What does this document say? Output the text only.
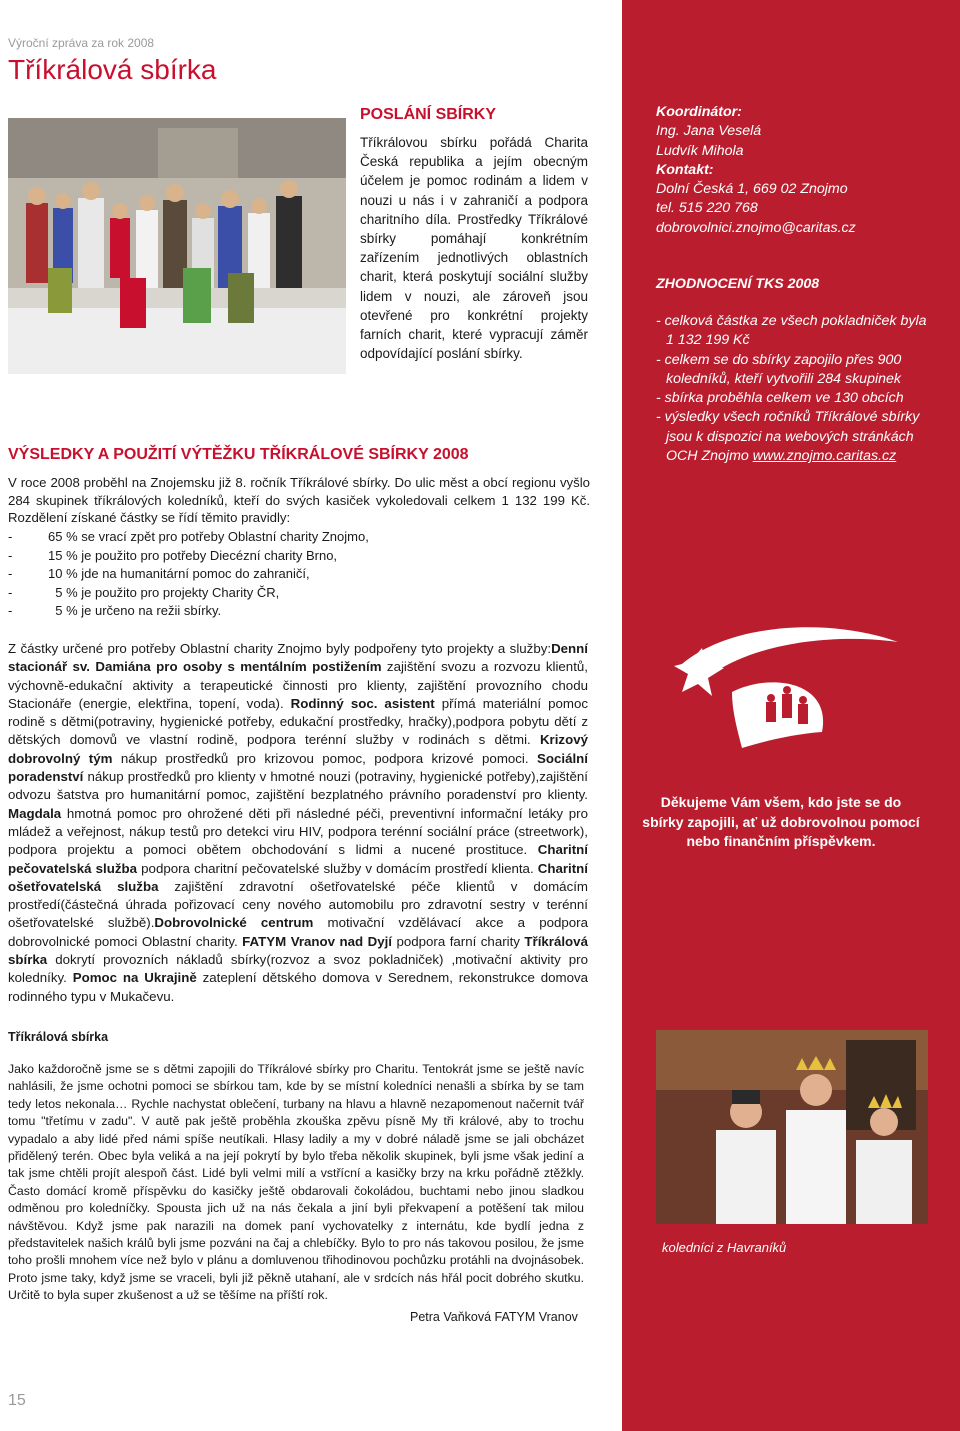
Výroční zpráva za rok 2008
Tříkrálová sbírka
POSLÁNÍ SBÍRKY
Tříkrálovou sbírku pořádá Charita Česká republika a jejím obecným účelem je pomoc rodinám a lidem v nouzi u nás i v zahraničí a podpora charitního díla. Prostředky Tříkrálové sbírky pomáhají konkrétním zařízením jednotlivých oblastních charit, která poskytují sociální služby lidem v nouzi, ale zároveň jsou otevřené pro konkrétní projekty farních charit, které vypracují záměr odpovídající poslání sbírky.
VÝSLEDKY A POUŽITÍ VÝTĚŽKU TŘÍKRÁLOVÉ SBÍRKY 2008
V roce 2008 proběhl na Znojemsku již 8. ročník Tříkrálové sbírky. Do ulic měst a obcí regionu vyšlo 284 skupinek tříkrálových koledníků, kteří do svých kasiček vykoledovali celkem 1 132 199 Kč. Rozdělení získané částky se řídí těmito pravidly:
-	65 % se vrací zpět pro potřeby Oblastní charity Znojmo,
-	15 % je použito pro potřeby Diecézní charity Brno,
-	10 % jde na humanitární pomoc do zahraničí,
-	5 % je použito pro projekty Charity ČR,
-	5 % je určeno na režii sbírky.
Z částky určené pro potřeby Oblastní charity Znojmo byly podpořeny tyto projekty a služby:Denní stacionář sv. Damiána pro osoby s mentálním postižením zajištění svozu a rozvozu klientů, výchovně-edukační aktivity a terapeutické činnosti pro klienty, zajištění provozního chodu Stacionáře (energie, elektřina, topení, voda). Rodinný soc. asistent přímá materiální pomoc rodině s dětmi(potraviny, hygienické potřeby, edukační prostředky, hračky),podpora pobytu dětí z dětských domovů ve vlastní rodině, podpora terénní služby v rodinách s dětmi. Krizový dobrovolný tým nákup prostředků pro krizovou pomoc, podpora krizové pomoci. Sociální poradenství nákup prostředků pro klienty v hmotné nouzi (potraviny, hygienické potřeby),zajištění odvozu šatstva pro humanitární pomoc, zajištění bezplatného právního poradenství pro klienty. Magdala hmotná pomoc pro ohrožené děti při následné péči, preventivní informační letáky pro mládež a veřejnost, nákup testů pro detekci viru HIV, podpora terénní sociální práce (streetwork), podpora projektu a pomoci obětem obchodování s lidmi a nucené prostituce. Charitní pečovatelská služba podpora charitní pečovatelské služby v domácím prostředí klienta. Charitní ošetřovatelská služba zajištění zdravotní ošetřovatelské péče klientů v domácím prostředí(částečná úhrada pořizovací ceny nového automobilu pro zdravotní sestry v terénní ošetřovatelské službě).Dobrovolnické centrum motivační vzdělávací akce a podpora dobrovolnické pomoci Oblastní charity. FATYM Vranov nad Dyjí podpora farní charity Tříkrálová sbírka dokrytí provozních nákladů sbírky(rozvoz a svoz pokladniček) ,motivační aktivity pro koledníky. Pomoc na Ukrajině zateplení dětského domova v Serednem, rekonstrukce domova rodinného typu v Mukačevu.
Tříkrálová sbírka
Jako každoročně jsme se s dětmi zapojili do Tříkrálové sbírky pro Charitu. Tentokrát jsme se ještě navíc nahlásili, že jsme ochotni pomoci se sbírkou tam, kde by se místní koledníci nenašli a sbírka by se tam tedy letos nekonala… Rychle nachystat oblečení, turbany na hlavu a hlavně nezapomenout načernit tvář tomu "třetímu v zadu". V autě pak ještě proběhla zkouška zpěvu písně My tři králové, aby to trochu vypadalo a aby lidé před námi spíše neutíkali. Hlasy ladily a my v dobré náladě jsme se jali obcházet přidělený terén. Obec byla veliká a na její pokrytí by bylo třeba několik skupinek, byli jsme však jediní a tak jsme chtěli projít alespoň část. Lidé byli velmi milí a vstřícní a kasičky brzy na krku pořádně ztěžkly. Často domácí kromě příspěvku do kasičky ještě obdarovali čokoládou, buchtami nebo jinou sladkou odměnou pro koledníčky. Spousta jich už na nás čekala a jiní byli překvapení a potěšení tak milou návštěvou. Když jsme pak narazili na domek paní vychovatelky z internátu, kde bydlí jedna z představitelek našich králů byli jsme pozváni na čaj a chlebíčky. Bylo to pro nás takovou posilou, že jsme toho prošli mnohem více než bylo v plánu a domluvenou třihodinovou pochůzku protáhli na dvojnásobek. Proto jsme taky, když jsme se vraceli, byli již pěkně utahaní, ale v srdcích nás hřál pocit dobrého skutku. Určitě to byla super zkušenost a už se těšíme na příští rok.
Petra Vaňková FATYM Vranov
15
Koordinátor:
Ing. Jana Veselá
Ludvík Mihola
Kontakt:
Dolní Česká 1, 669 02 Znojmo
tel. 515 220 768
dobrovolnici.znojmo@caritas.cz
ZHODNOCENÍ TKS 2008
- celková částka ze všech pokladniček byla 1 132 199 Kč
- celkem se do sbírky zapojilo přes 900 koledníků, kteří vytvořili 284 skupinek
- sbírka proběhla celkem ve 130 obcích
- výsledky všech ročníků Tříkrálové sbírky jsou k dispozici na webových stránkách OCH Znojmo www.znojmo.caritas.cz
Děkujeme Vám všem, kdo jste se do sbírky zapojili, ať už dobrovolnou pomocí nebo finančním příspěvkem.
koledníci z Havraníků
